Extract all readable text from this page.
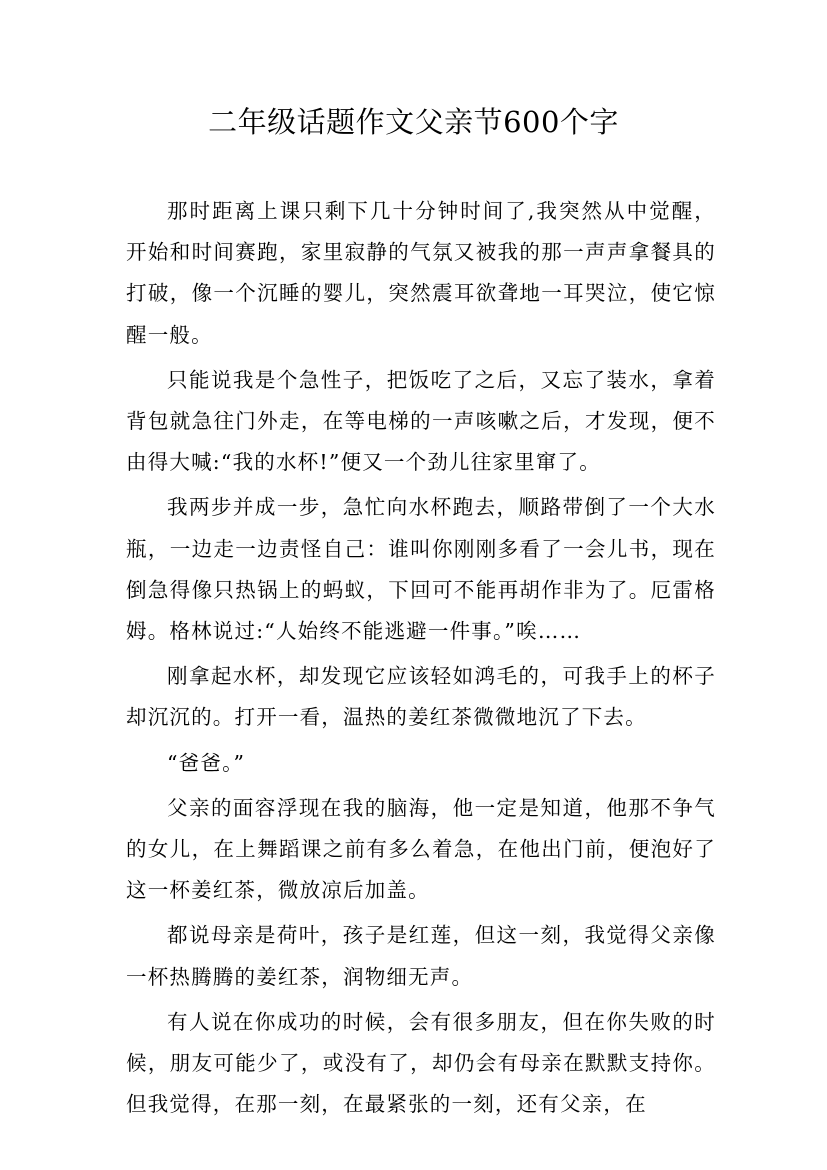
二年级话题作文父亲节600个字

那时距离上课只剩下几十分钟时间了,我突然从中觉醒，开始和时间赛跑，家里寂静的气氛又被我的那一声声拿餐具的打破，像一个沉睡的婴儿，突然震耳欲聋地一耳哭泣，使它惊醒一般。

只能说我是个急性子，把饭吃了之后，又忘了装水，拿着背包就急往门外走，在等电梯的一声咳嗽之后，才发现，便不由得大喊:“我的水杯!”便又一个劲儿往家里窜了。

我两步并成一步，急忙向水杯跑去，顺路带倒了一个大水瓶，一边走一边责怪自己：谁叫你刚刚多看了一会儿书，现在倒急得像只热锅上的蚂蚁，下回可不能再胡作非为了。厄雷格姆。格林说过:“人始终不能逃避一件事。”唉……

刚拿起水杯，却发现它应该轻如鸿毛的，可我手上的杯子却沉沉的。打开一看，温热的姜红茶微微地沉了下去。

“爸爸。”

父亲的面容浮现在我的脑海，他一定是知道，他那不争气的女儿，在上舞蹈课之前有多么着急，在他出门前，便泡好了这一杯姜红茶，微放凉后加盖。

都说母亲是荷叶，孩子是红莲，但这一刻，我觉得父亲像一杯热腾腾的姜红茶，润物细无声。

有人说在你成功的时候，会有很多朋友，但在你失败的时候，朋友可能少了，或没有了，却仍会有母亲在默默支持你。但我觉得，在那一刻，在最紧张的一刻，还有父亲，在
